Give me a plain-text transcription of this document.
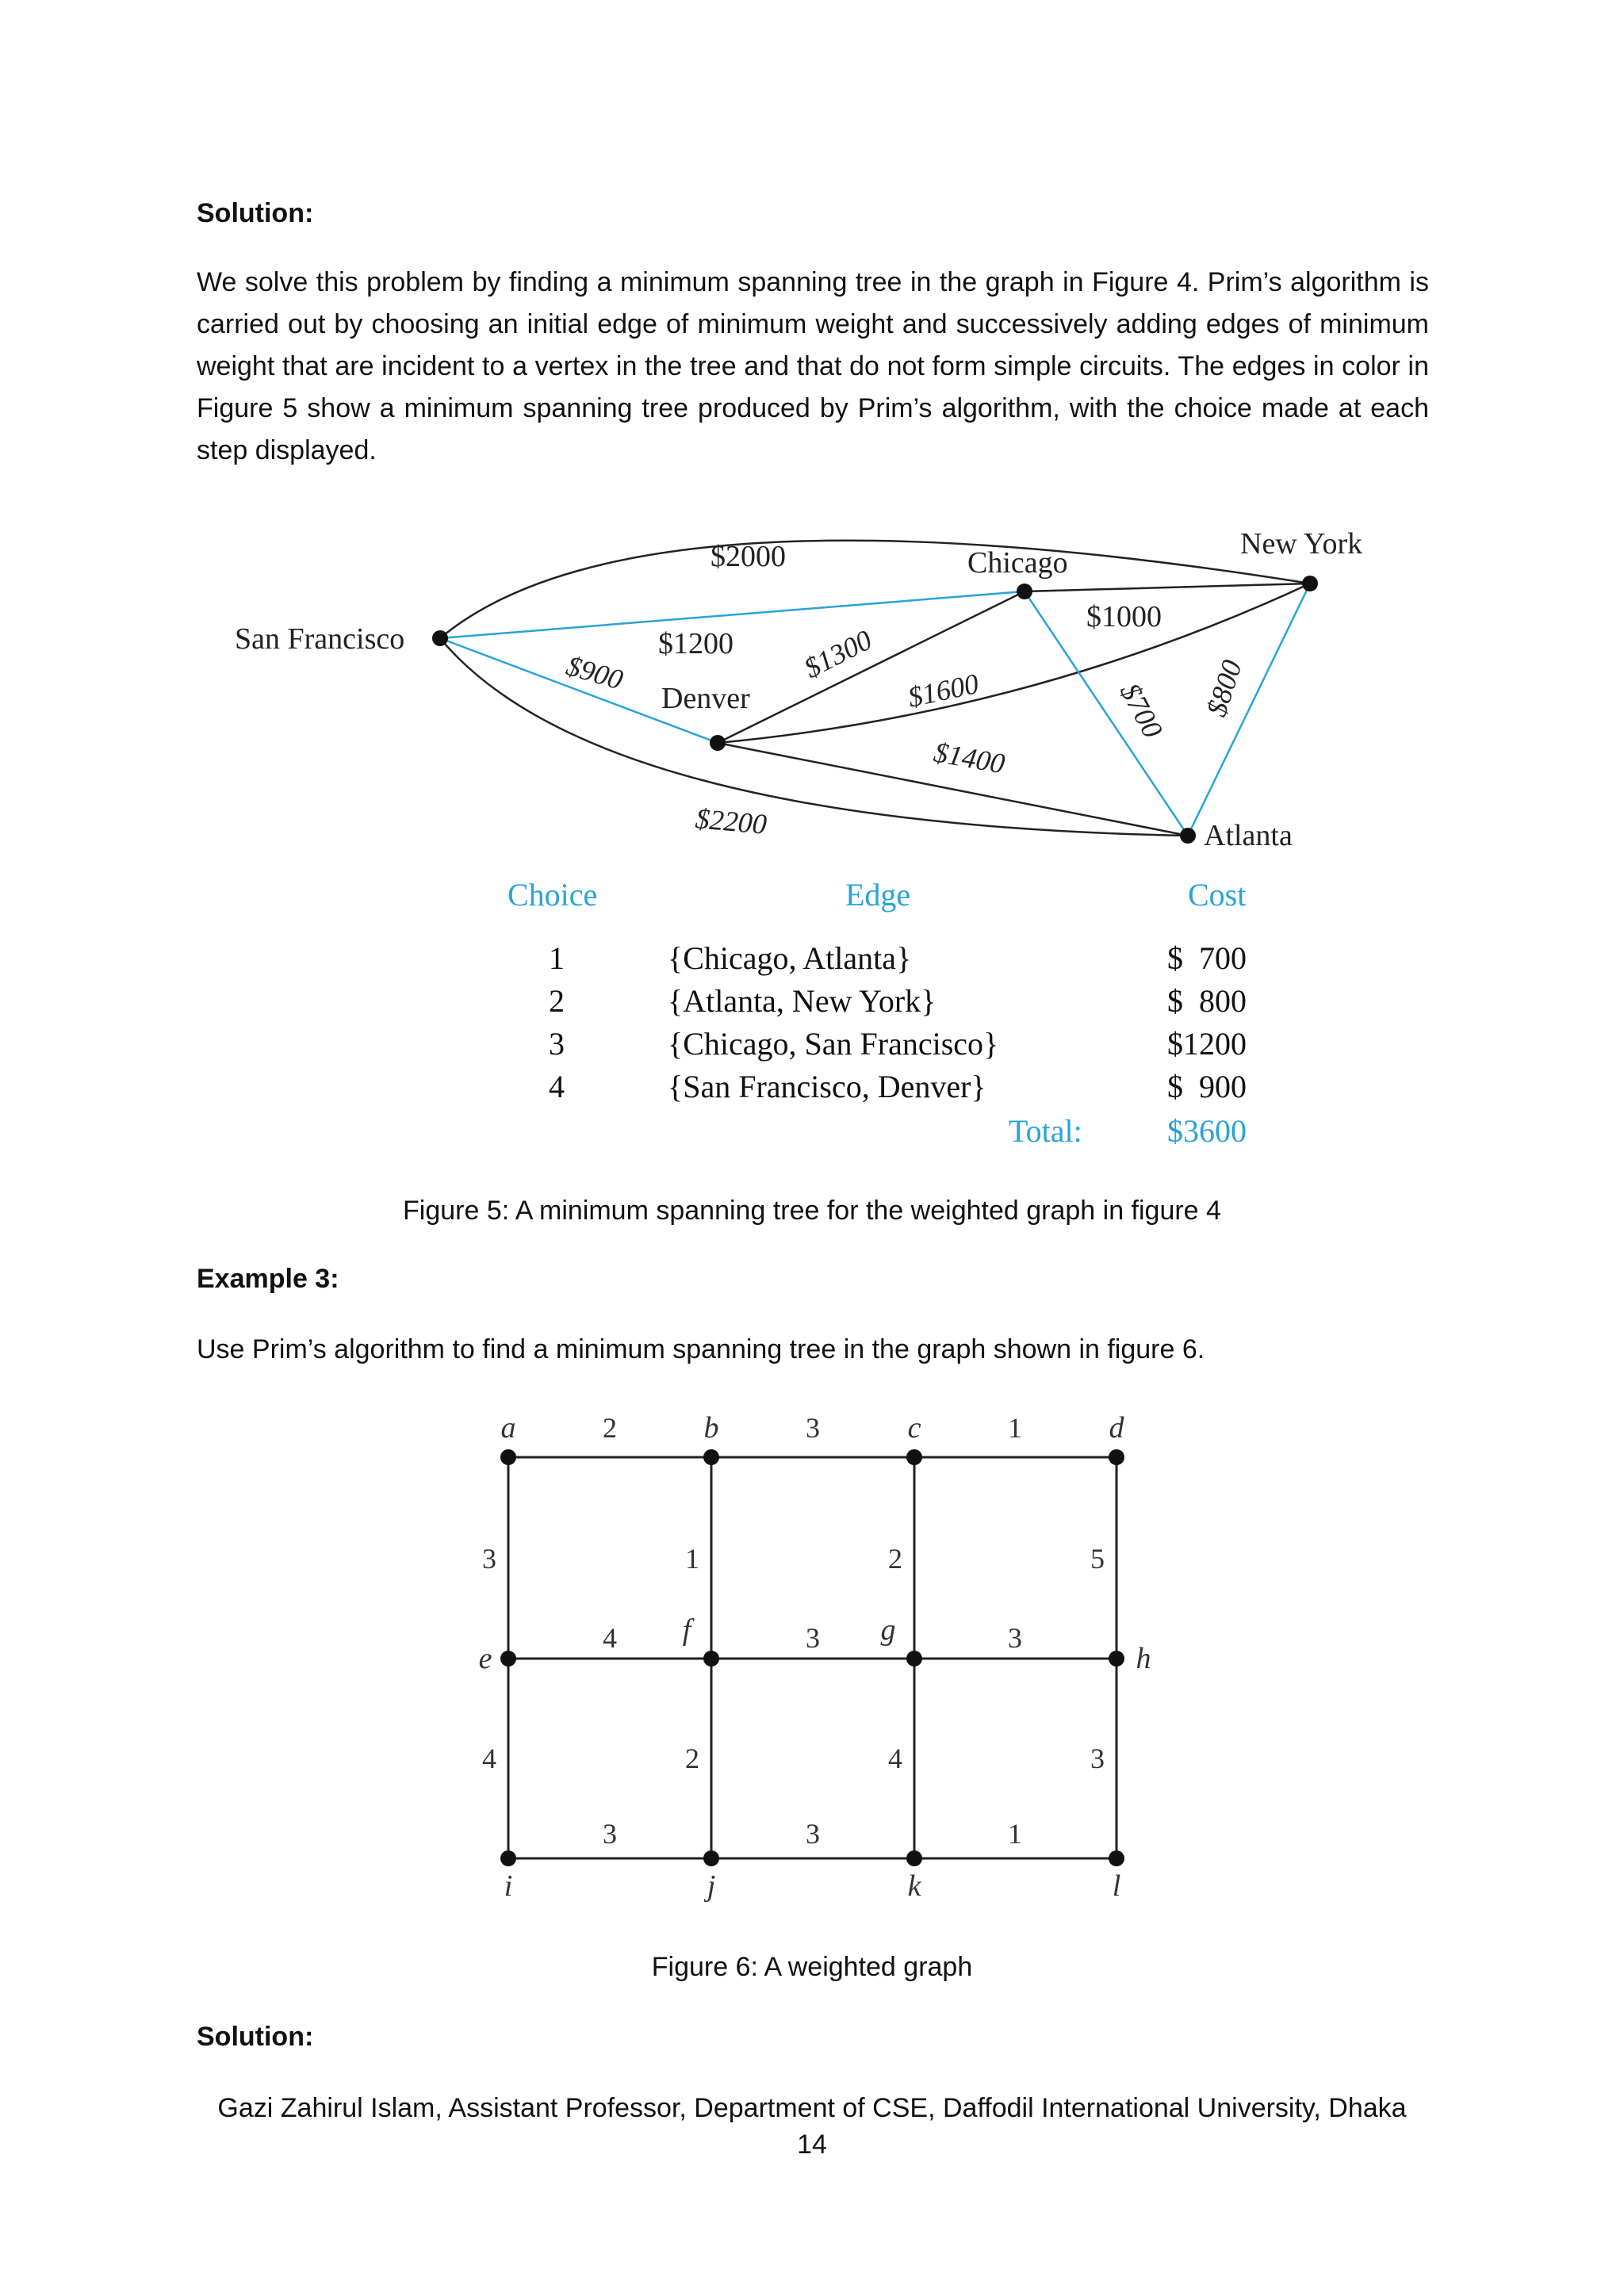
Solution:
We solve this problem by finding a minimum spanning tree in the graph in Figure 4. Prim’s algorithm is carried out by choosing an initial edge of minimum weight and successively adding edges of minimum weight that are incident to a vertex in the tree and that do not form simple circuits. The edges in color in Figure 5 show a minimum spanning tree produced by Prim’s algorithm, with the choice made at each step displayed.
San Francisco
Chicago
New York
Denver
Atlanta
$2000
$1200
$900	$1300
$1600
$1400
$2200
$1000
$700 $800
Choice	Edge	Cost
1	{Chicago, Atlanta}	$  700
2	{Atlanta, New York}	$  800
3	{Chicago, San Francisco}	$1200
4	{San Francisco, Denver}	$  900
Total:	$3600
Figure 5: A minimum spanning tree for the weighted graph in figure 4
Example 3:
Use Prim’s algorithm to find a minimum spanning tree in the graph shown in figure 6.
a	b	c	d
e
f	g
h
i	j	k	l
2	3	1
3	1	2	5
4	3	3
4	2	4	3
3	3	1
Figure 6: A weighted graph
Solution:
Gazi Zahirul Islam, Assistant Professor, Department of CSE, Daffodil International University, Dhaka
14
